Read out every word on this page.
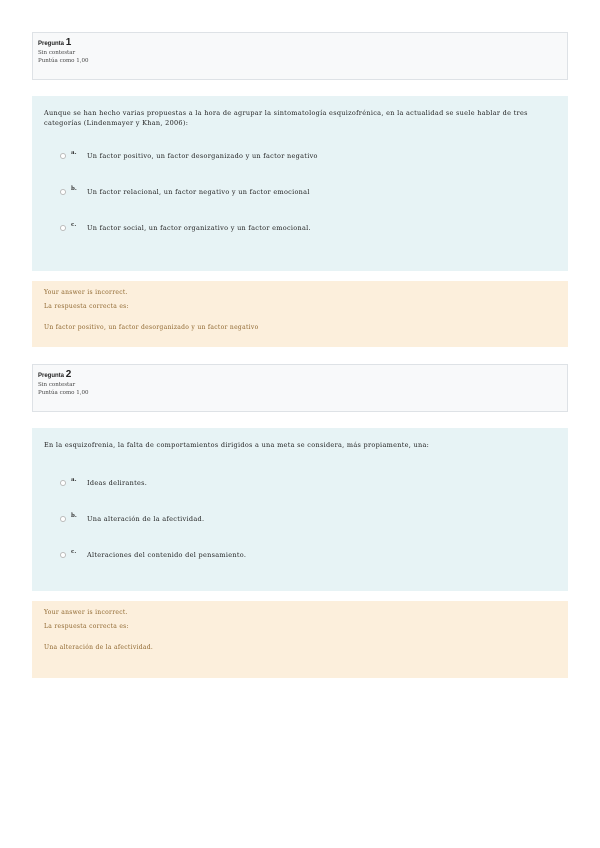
Pregunta 1
Sin contestar
Puntúa como 1,00
Aunque se han hecho varias propuestas a la hora de agrupar la sintomatología esquizofrénica, en la actualidad se suele hablar de tres categorías (Lindenmayer y Khan, 2006):
a. Un factor positivo, un factor desorganizado y un factor negativo
b. Un factor relacional, un factor negativo y un factor emocional
c. Un factor social, un factor organizativo y un factor emocional.
Your answer is incorrect.
La respuesta correcta es:
Un factor positivo, un factor desorganizado y un factor negativo
Pregunta 2
Sin contestar
Puntúa como 1,00
En la esquizofrenia, la falta de comportamientos dirigidos a una meta se considera, más propiamente, una:
a. Ideas delirantes.
b. Una alteración de la afectividad.
c. Alteraciones del contenido del pensamiento.
Your answer is incorrect.
La respuesta correcta es:
Una alteración de la afectividad.
